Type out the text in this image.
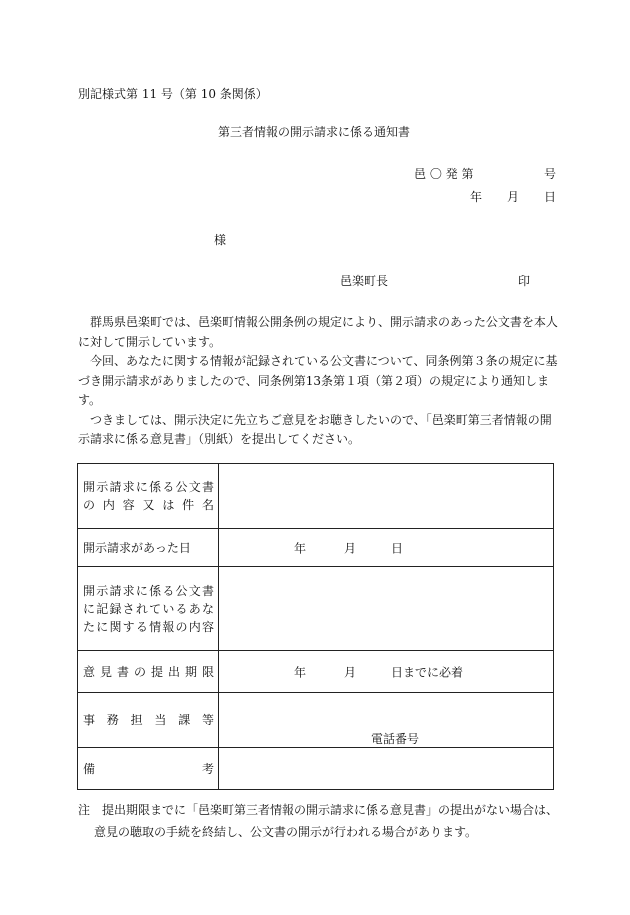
別記様式第 11 号（第 10 条関係）
第三者情報の開示請求に係る通知書
邑 〇 発 第	号
年 月 日
様
邑楽町長	印

群馬県邑楽町では、邑楽町情報公開条例の規定により、開示請求のあった公文書を本人に対して開示しています。

今回、あなたに関する情報が記録されている公文書について、同条例第３条の規定に基づき開示請求がありましたので、同条例第13条第１項（第２項）の規定により通知します。

つきましては、開示決定に先立ちご意見をお聴きしたいので、「邑楽町第三者情報の開示請求に係る意見書」（別紙）を提出してください。

開示請求に係る公文書の内容又は件名	
開示請求があった日	年 月 日

開示請求に係る公文書に記録されているあなたに関する情報の内容	
意見書の提出期限	年 月 日までに必着

事務担当課等	電話番号

備考	
注　提出期限までに「邑楽町第三者情報の開示請求に係る意見書」の提出がない場合は、
意見の聴取の手続を終結し、公文書の開示が行われる場合があります。
